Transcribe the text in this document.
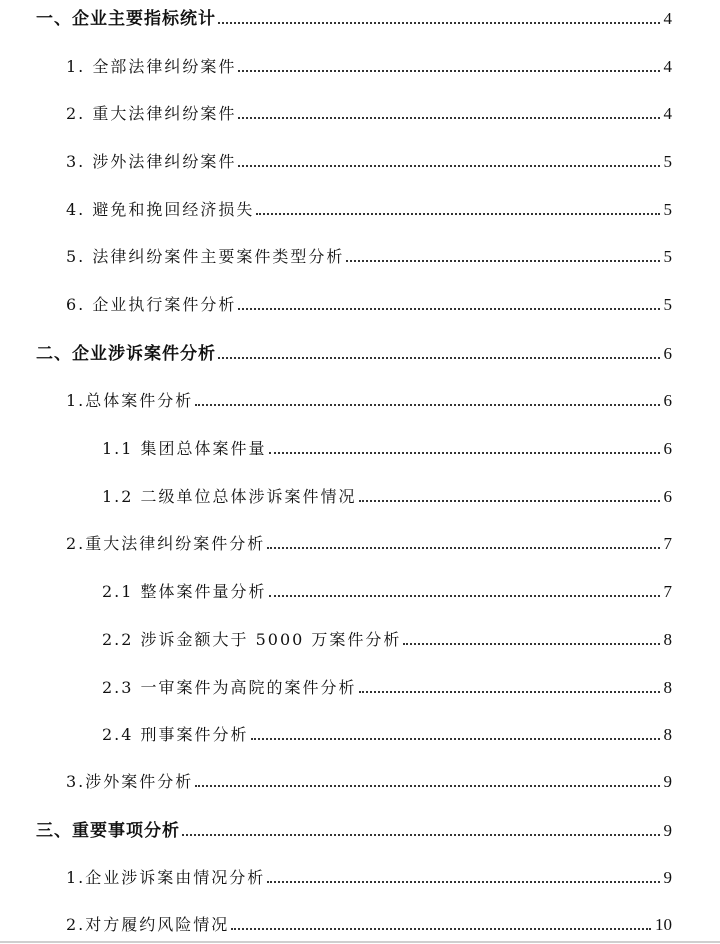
一、企业主要指标统计	4
1. 全部法律纠纷案件	4
2. 重大法律纠纷案件	4
3. 涉外法律纠纷案件	5
4. 避免和挽回经济损失	5
5. 法律纠纷案件主要案件类型分析	5
6. 企业执行案件分析	5
二、企业涉诉案件分析	6
1.总体案件分析	6
1.1 集团总体案件量	6
1.2 二级单位总体涉诉案件情况	6
2.重大法律纠纷案件分析	7
2.1 整体案件量分析	7
2.2 涉诉金额大于 5000 万案件分析	8
2.3 一审案件为高院的案件分析	8
2.4 刑事案件分析	8
3.涉外案件分析	9
三、重要事项分析	9
1.企业涉诉案由情况分析	9
2.对方履约风险情况	10
